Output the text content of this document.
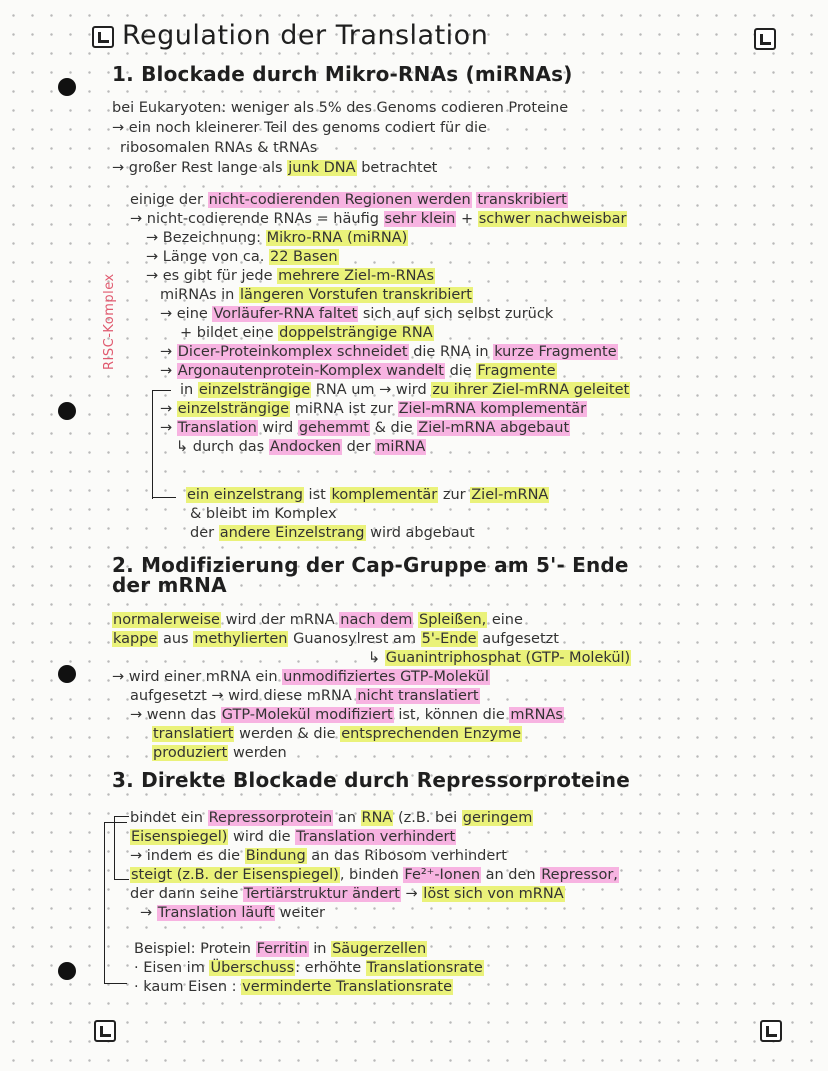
Regulation der Translation
1. Blockade durch Mikro-RNAs (miRNAs)
bei Eukaryoten: weniger als 5% des Genoms codieren Proteine
→ ein noch kleinerer Teil des genoms codiert für die
ribosomalen RNAs & tRNAs
→ großer Rest lange als junk DNA betrachtet
einige der nicht-codierenden Regionen werden transkribiert
→ nicht-codierende RNAs = häufig sehr klein + schwer nachweisbar
→ Bezeichnung: Mikro-RNA (miRNA)
→ Länge von ca. 22 Basen
→ es gibt für jede mehrere Ziel-m-RNAs
miRNAs in längeren Vorstufen transkribiert
→ eine Vorläufer-RNA faltet sich auf sich selbst zurück
+ bildet eine doppelsträngige RNA
→ Dicer-Proteinkomplex schneidet die RNA in kurze Fragmente
→ Argonautenprotein-Komplex wandelt die Fragmente
in einzelsträngige RNA um → wird zu ihrer Ziel-mRNA geleitet
→ einzelsträngige miRNA ist zur Ziel-mRNA komplementär
→ Translation wird gehemmt & die Ziel-mRNA abgebaut
↳ durch das Andocken der miRNA
RISC-Komplex
ein einzelstrang ist komplementär zur Ziel-mRNA
& bleibt im Komplex
der andere Einzelstrang wird abgebaut
2. Modifizierung der Cap-Gruppe am 5'- Ende
der mRNA
normalerweise wird der mRNA nach dem Spleißen, eine
kappe aus methylierten Guanosylrest am 5'-Ende aufgesetzt
↳ Guanintriphosphat (GTP- Molekül)
→ wird einer mRNA ein unmodifiziertes GTP-Molekül
aufgesetzt → wird diese mRNA nicht translatiert
→ wenn das GTP-Molekül modifiziert ist, können die mRNAs
translatiert werden & die entsprechenden Enzyme
produziert werden
3. Direkte Blockade durch Repressorproteine
bindet ein Repressorprotein an RNA (z.B. bei geringem
Eisenspiegel) wird die Translation verhindert
→ indem es die Bindung an das Ribosom verhindert
steigt (z.B. der Eisenspiegel), binden Fe²⁺-Ionen an den Repressor,
der dann seine Tertiärstruktur ändert → löst sich von mRNA
→ Translation läuft weiter
Beispiel: Protein Ferritin in Säugerzellen
· Eisen im Überschuss: erhöhte Translationsrate
· kaum Eisen : verminderte Translationsrate
